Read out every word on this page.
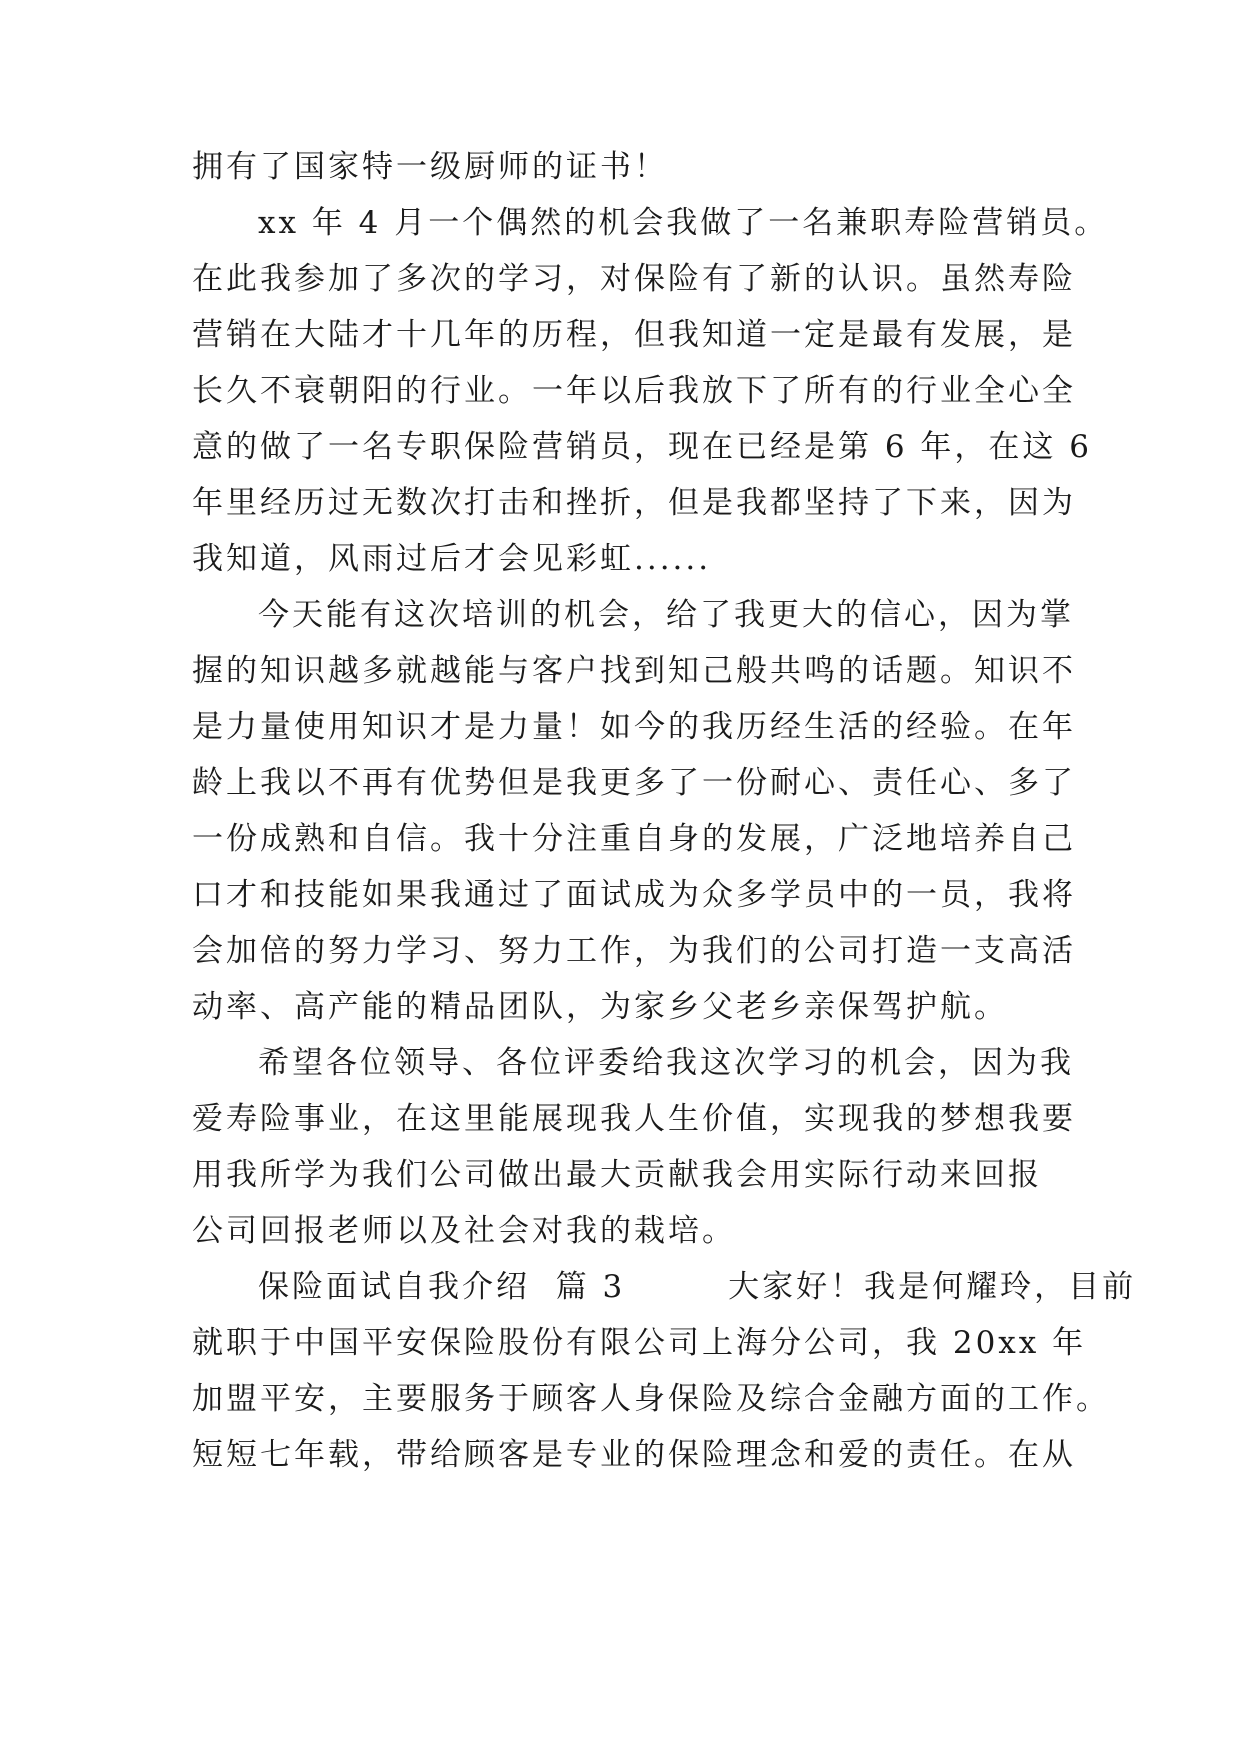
拥有了国家特一级厨师的证书！

xx 年 4 月一个偶然的机会我做了一名兼职寿险营销员。

在此我参加了多次的学习，对保险有了新的认识。虽然寿险

营销在大陆才十几年的历程，但我知道一定是最有发展，是

长久不衰朝阳的行业。一年以后我放下了所有的行业全心全

意的做了一名专职保险营销员，现在已经是第 6 年，在这 6

年里经历过无数次打击和挫折，但是我都坚持了下来，因为

我知道，风雨过后才会见彩虹......

今天能有这次培训的机会，给了我更大的信心，因为掌

握的知识越多就越能与客户找到知己般共鸣的话题。知识不

是力量使用知识才是力量！如今的我历经生活的经验。在年

龄上我以不再有优势但是我更多了一份耐心、责任心、多了

一份成熟和自信。我十分注重自身的发展，广泛地培养自己

口才和技能如果我通过了面试成为众多学员中的一员，我将

会加倍的努力学习、努力工作，为我们的公司打造一支高活

动率、高产能的精品团队，为家乡父老乡亲保驾护航。

希望各位领导、各位评委给我这次学习的机会，因为我

爱寿险事业，在这里能展现我人生价值，实现我的梦想我要

用我所学为我们公司做出最大贡献我会用实际行动来回报

公司回报老师以及社会对我的栽培。

保险面试自我介绍  篇 3        大家好！我是何耀玲，目前

就职于中国平安保险股份有限公司上海分公司，我 20xx 年

加盟平安，主要服务于顾客人身保险及综合金融方面的工作。

短短七年载，带给顾客是专业的保险理念和爱的责任。在从
